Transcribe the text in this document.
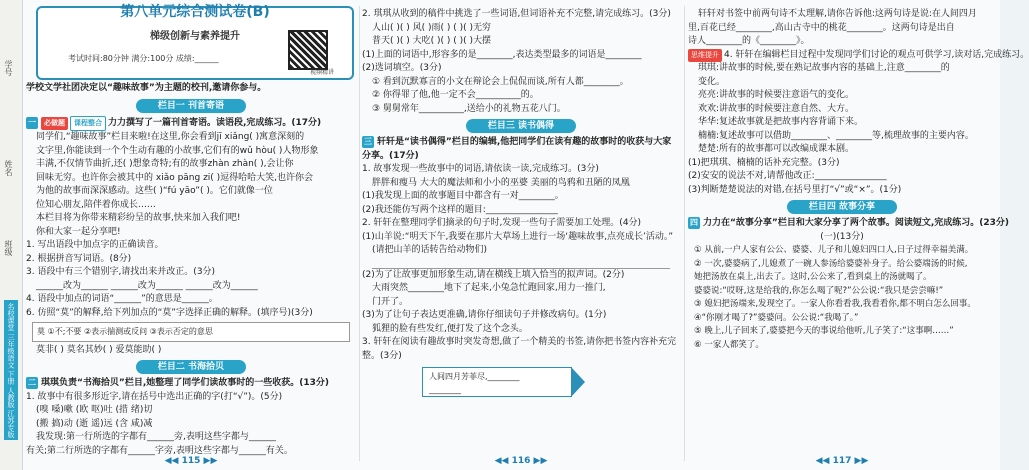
学号
姓名
班级
名校课堂 三年级语文 下册 人教版 江苏专版
第八单元综合测试卷(B)
梯级创新与素养提升
考试时间:80分钟 满分:100分 成绩:______
视频精讲
学校文学社团决定以“趣味故事”为主题的校刊,邀请你参与。
栏目一 刊首寄语
一 必做题 课程整合 力力撰写了一篇刊首寄语。读语段,完成练习。(17分)
同学们,“趣味故事”栏目来啦!在这里,你会看到jī xiǎng( )寓意深刻的
文字里,你能读到一个个生动有趣的小故事,它们有的wǔ hòu( )人物形象
丰满,不仅情节曲折,还( )想象奇特;有的故事zhàn zhàn( ),会让你
回味无穷。也许你会被其中的 xiǎo pāng zi( )逗得哈哈大笑,也许你会
为他的故事而深深感动。这些( )“fú yāo”( )。它们就像一位
位知心朋友,陪伴着你成长……
本栏目将为你带来精彩纷呈的故事,快来加入我们吧!
你和大家一起分享吧!
1. 写出语段中加点字的正确读音。
2. 根据拼音写词语。(8分)
3. 语段中有三个错别字,请找出来并改正。(3分)
______改为______ ______改为______ ______改为______
4. 语段中加点的词语“______”的意思是______。
6. 仿照“莫”的解释,给下列加点的“莫”字选择正确的解释。(填序号)(3分)
莫 ①不;不要 ②表示揣测或反问 ③表示否定的意思
莫非( ) 莫名其妙( ) 爱莫能助( )
栏目二 书海拾贝
二 琪琪负责“书海拾贝”栏目,她整理了同学们读故事时的一些收获。(13分)
1. 故事中有很多形近字,请在括号中选出正确的字(打“√”)。(5分)
(嗅 嗓)嗽 (欧 呕)吐 (措 绪)切
(搬 搞)动 (逝 遥)远 (含 咸)减
我发现:第一行所选的字都有______旁,表明这些字都与______
有关;第二行所选的字都有______字旁,表明这些字都与______有关。
◀◀ 115 ▶▶
2. 琪琪从收到的稿件中挑选了一些词语,但词语补充不完整,请完成练习。(3分)
人山( )( ) 风( )雨( ) ( )( )无穷
普天( )( ) 大吃( )( ) ( )( )大摆
(1)上面的词语中,形容多的是________,表达类型最多的词语是________
(2)选词填空。(3分)
① 看到沉默寡言的小文在辩论会上侃侃而谈,所有人都________。
② 你得罪了他,他一定不会__________的。
③ 舅舅常年__________,送给小的礼物五花八门。
栏目三 读书偶得
三 轩轩是“读书偶得”栏目的编辑,他把同学们在读有趣的故事时的收获与大家分享。(17分)
1. 故事发现一些故事中的词语,请依读一读,完成练习。(3分)
胖胖和瘦马 大大的魔法师和小小的巫婆 美丽的鸟鸦和丑陋的凤凰
(1)我发现上面的故事题目中都含有一对________。
(2)我还能仿写两个这样的题目:________________
2. 轩轩在整理同学们摘录的句子时,发现一些句子需要加工处理。(4分)
(1)山羊说:“明天下午,我要在那片大草场上进行一场‘趣味故事,点亮成长’活动。”
(请把山羊的话转告给动物们)
(2)为了让故事更加形象生动,请在横线上填入恰当的拟声词。(2分)
大雨突然________地下了起来,小兔急忙跑回家,用力一推门,
门开了。
(3)为了让句子表达更准确,请你仔细读句子并修改病句。(1分)
狐狸的脸有些发红,便打发了这个念头。
3. 轩轩在阅读有趣故事时突发奇想,做了一个精美的书签,请你把书签内容补充完整。(3分)
人间四月芳菲尽,________
________
◀◀ 116 ▶▶
轩轩对书签中前两句诗不太理解,请你告诉他:这两句诗是说:在人间四月
里,百花已经________,高山古寺中的桃花________。这两句诗是出自
诗人________的《________》。
思维提升 4. 轩轩在编辑栏目过程中发现同学们讨论的观点可供学习,读对话,完成练习。
琪琪:讲故事的时候,要在熟记故事内容的基础上,注意________的
变化。
亮亮:讲故事的时候要注意语气的变化。
欢欢:讲故事的时候要注意自然、大方。
华华:复述故事就是把故事内容背诵下来。
楠楠:复述故事可以借助________、________等,梳理故事的主要内容。
楚楚:所有的故事都可以改编成课本剧。
(1)把琪琪、楠楠的话补充完整。(3分)
(2)安安的说法不对,请帮他改正:________________
(3)判断楚楚说法的对错,在括号里打“√”或“×”。(1分)
栏目四 故事分享
四 力力在“故事分享”栏目和大家分享了两个故事。阅读短文,完成练习。(23分)
(一)(13分)
① 从前,一户人家有公公、婆婆、儿子和儿媳妇四口人,日子过得幸福美满。
② 一次,婆婆病了,儿媳煮了一碗人参汤给婆婆补身子。给公婆端汤的时候,
她把汤放在桌上,出去了。这时,公公来了,看到桌上的汤就喝了。
婆婆说:“哎呀,这是给我的,你怎么喝了呢?”公公说:“我只是尝尝嘛!”
③ 媳妇把汤端来,发现空了。一家人你看看我,我看看你,都不明白怎么回事。
④“你刚才喝了?”婆婆问。公公说:“我喝了。”
⑤ 晚上,儿子回来了,婆婆把今天的事说给他听,儿子笑了:“这事啊……”
⑥ 一家人都笑了。
◀◀ 117 ▶▶
